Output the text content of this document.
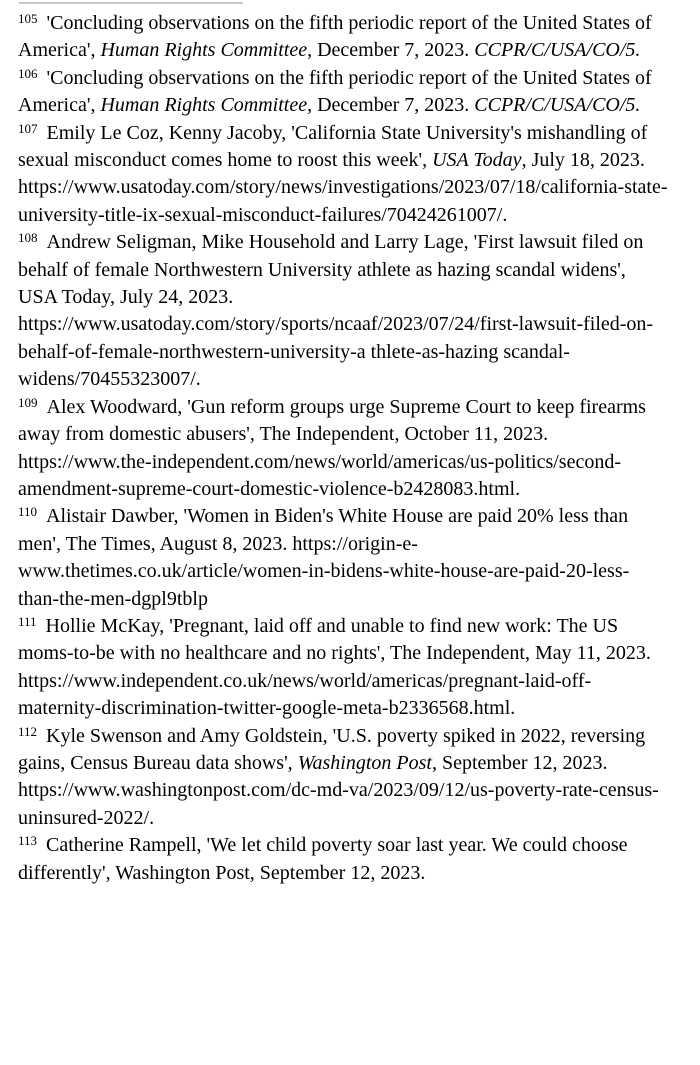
$^{105}$ 'Concluding observations on the fifth periodic report of the United States of America', Human Rights Committee, December 7, 2023. CCPR/C/USA/CO/5.

$^{106}$ 'Concluding observations on the fifth periodic report of the United States of America', Human Rights Committee, December 7, 2023. CCPR/C/USA/CO/5.

$^{107}$ Emily Le Coz, Kenny Jacoby, 'California State University's mishandling of sexual misconduct comes home to roost this week', USA Today, July 18, 2023. https://www.usatoday.com/story/news/investigations/2023/07/18/california-state-university-title-ix-sexual-misconduct-failures/70424261007/.

$^{108}$ Andrew Seligman, Mike Household and Larry Lage, 'First lawsuit filed on behalf of female Northwestern University athlete as hazing scandal widens', USA Today, July 24, 2023. https://www.usatoday.com/story/sports/ncaaf/2023/07/24/first-lawsuit-filed-on-behalf-of-female-northwestern-university-a thlete-as-hazing scandal-widens/70455323007/.

$^{109}$ Alex Woodward, 'Gun reform groups urge Supreme Court to keep firearms away from domestic abusers', The Independent, October 11, 2023. https://www.the-independent.com/news/world/americas/us-politics/second-amendment-supreme-court-domestic-violence-b2428083.html.

$^{110}$ Alistair Dawber, 'Women in Biden's White House are paid 20% less than men', The Times, August 8, 2023. https://origin-e-www.thetimes.co.uk/article/women-in-bidens-white-house-are-paid-20-less-than-the-men-dgpl9tblp

$^{111}$ Hollie McKay, 'Pregnant, laid off and unable to find new work: The US moms-to-be with no healthcare and no rights', The Independent, May 11, 2023. https://www.independent.co.uk/news/world/americas/pregnant-laid-off-maternity-discrimination-twitter-google-meta-b2336568.html.

$^{112}$ Kyle Swenson and Amy Goldstein, 'U.S. poverty spiked in 2022, reversing gains, Census Bureau data shows', Washington Post, September 12, 2023. https://www.washingtonpost.com/dc-md-va/2023/09/12/us-poverty-rate-census-uninsured-2022/.

$^{113}$ Catherine Rampell, 'We let child poverty soar last year. We could choose differently', Washington Post, September 12, 2023.
